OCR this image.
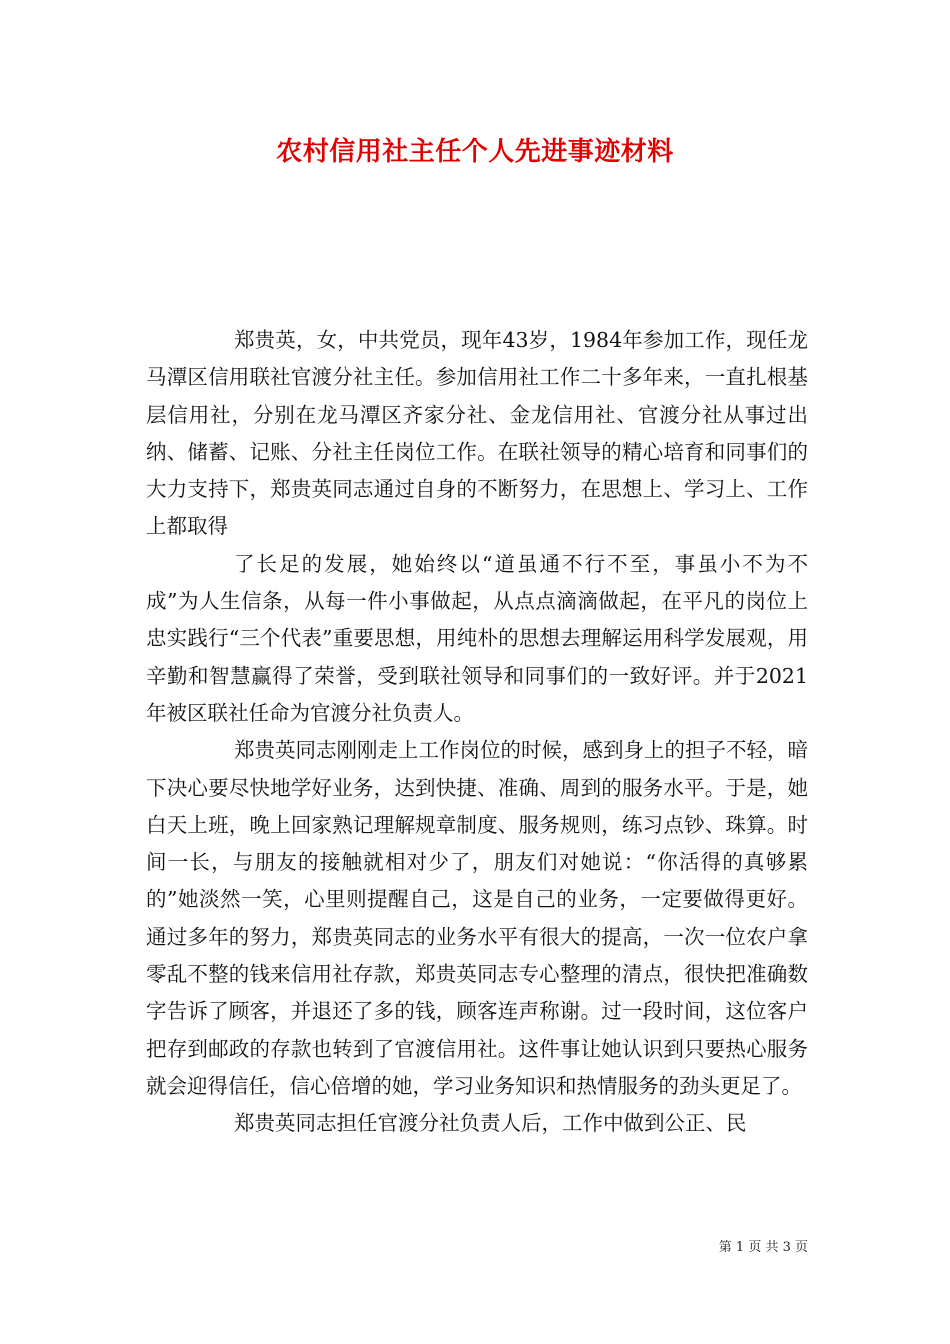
农村信用社主任个人先进事迹材料

郑贵英，女，中共党员，现年43岁，1984年参加工作，现任龙马潭区信用联社官渡分社主任。参加信用社工作二十多年来，一直扎根基层信用社，分别在龙马潭区齐家分社、金龙信用社、官渡分社从事过出纳、储蓄、记账、分社主任岗位工作。在联社领导的精心培育和同事们的大力支持下，郑贵英同志通过自身的不断努力，在思想上、学习上、工作上都取得

了长足的发展，她始终以“道虽通不行不至，事虽小不为不成”为人生信条，从每一件小事做起，从点点滴滴做起，在平凡的岗位上忠实践行“三个代表”重要思想，用纯朴的思想去理解运用科学发展观，用辛勤和智慧赢得了荣誉，受到联社领导和同事们的一致好评。并于2021年被区联社任命为官渡分社负责人。

郑贵英同志刚刚走上工作岗位的时候，感到身上的担子不轻，暗下决心要尽快地学好业务，达到快捷、准确、周到的服务水平。于是，她白天上班，晚上回家熟记理解规章制度、服务规则，练习点钞、珠算。时间一长，与朋友的接触就相对少了，朋友们对她说：“你活得的真够累的”她淡然一笑，心里则提醒自己，这是自己的业务，一定要做得更好。通过多年的努力，郑贵英同志的业务水平有很大的提高，一次一位农户拿零乱不整的钱来信用社存款，郑贵英同志专心整理的清点，很快把准确数字告诉了顾客，并退还了多的钱，顾客连声称谢。过一段时间，这位客户把存到邮政的存款也转到了官渡信用社。这件事让她认识到只要热心服务就会迎得信任，信心倍增的她，学习业务知识和热情服务的劲头更足了。

郑贵英同志担任官渡分社负责人后，工作中做到公正、民

第 1 页 共 3 页
